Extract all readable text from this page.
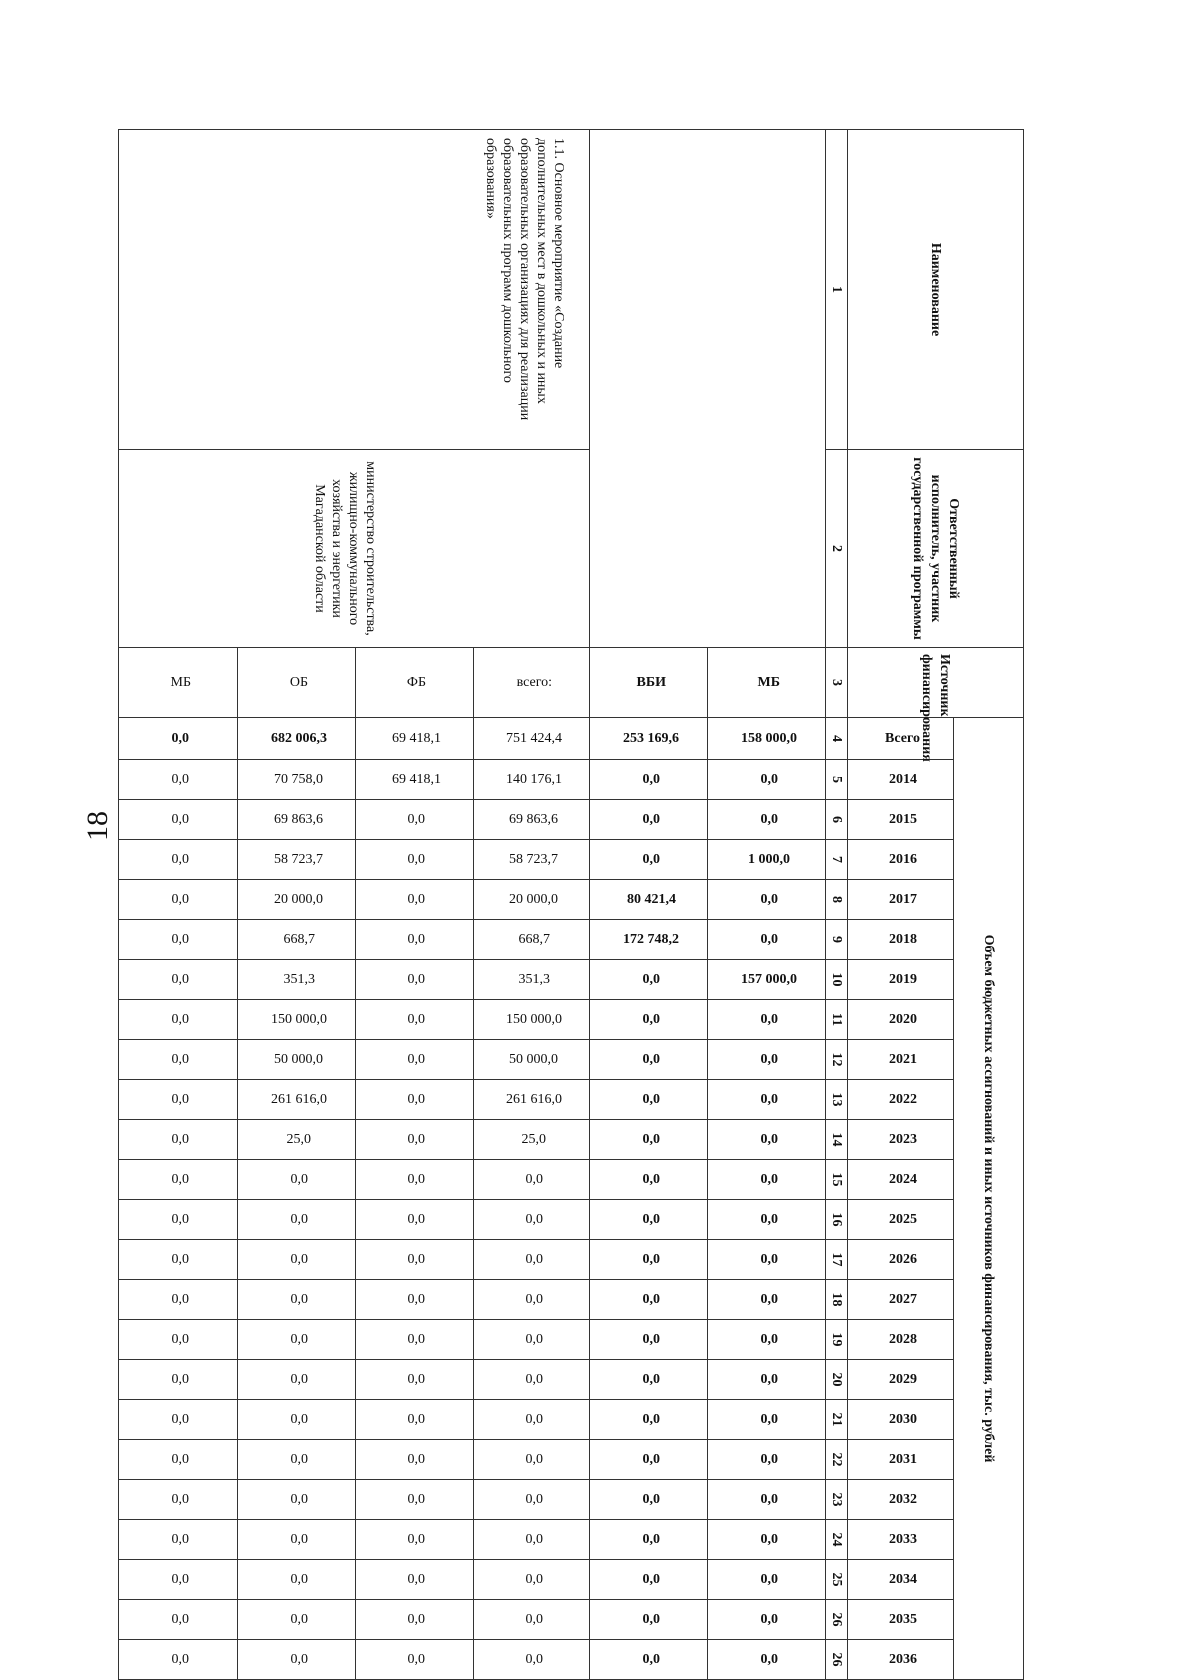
18
Наименование	Ответственный исполнитель, участник государственной программы	Источник финансирования	Объем бюджетных ассигнований и иных источников финансирования, тыс. рублей																							

			Всего	2014	2015	2016	2017	2018	2019	2020	2021	2022	2023	2024	2025	2026	2027	2028	2029	2030	2031	2032	2033	2034	2035	2036
1	2	3	4	5	6	7	8	9	10	11	12	13	14	15	16	17	18	19	20	21	22	23	24	25	26	26
		МБ	158 000,0	0,0	0,0	1 000,0	0,0	0,0	157 000,0	0,0	0,0	0,0	0,0	0,0	0,0	0,0	0,0	0,0	0,0	0,0	0,0	0,0	0,0	0,0	0,0	0,0
		ВБИ	253 169,6	0,0	0,0	0,0	80 421,4	172 748,2	0,0	0,0	0,0	0,0	0,0	0,0	0,0	0,0	0,0	0,0	0,0	0,0	0,0	0,0	0,0	0,0	0,0	0,0

1.1. Основное мероприятие «Создание дополнительных мест в дошкольных и иных образовательных организациях для реализации образовательных программ дошкольного образования»	министерство строительства, жилищно-коммунального хозяйства и энергетики Магаданской области	всего:	751 424,4	140 176,1	69 863,6	58 723,7	20 000,0	668,7	351,3	150 000,0	50 000,0	261 616,0	25,0	0,0	0,0	0,0	0,0	0,0	0,0	0,0	0,0	0,0	0,0	0,0	0,0	0,0
		ФБ	69 418,1	69 418,1	0,0	0,0	0,0	0,0	0,0	0,0	0,0	0,0	0,0	0,0	0,0	0,0	0,0	0,0	0,0	0,0	0,0	0,0	0,0	0,0	0,0	0,0
		ОБ	682 006,3	70 758,0	69 863,6	58 723,7	20 000,0	668,7	351,3	150 000,0	50 000,0	261 616,0	25,0	0,0	0,0	0,0	0,0	0,0	0,0	0,0	0,0	0,0	0,0	0,0	0,0	0,0
		МБ	0,0	0,0	0,0	0,0	0,0	0,0	0,0	0,0	0,0	0,0	0,0	0,0	0,0	0,0	0,0	0,0	0,0	0,0	0,0	0,0	0,0	0,0	0,0	0,0
